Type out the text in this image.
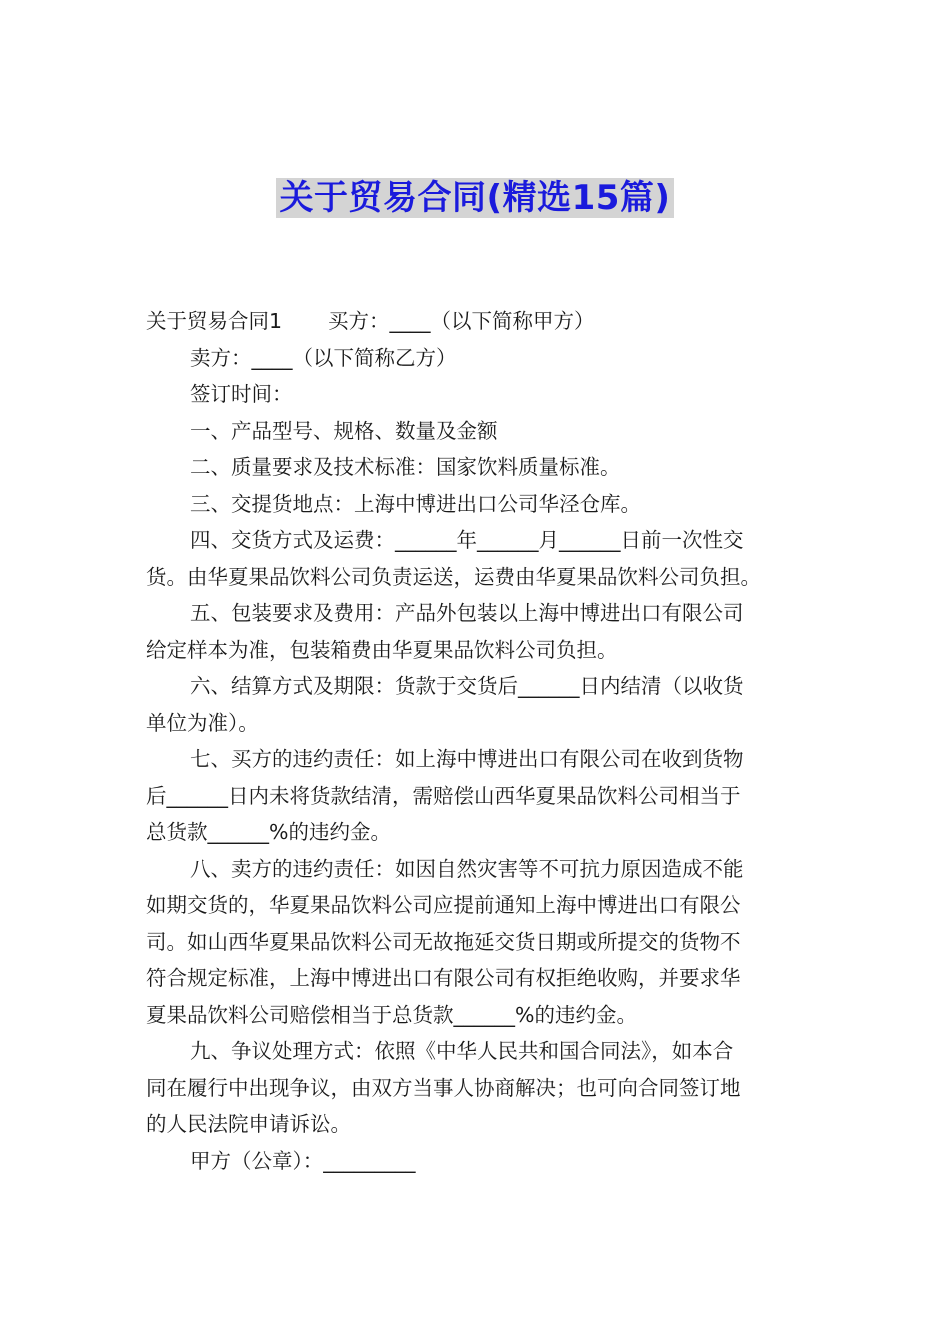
关于贸易合同(精选15篇)
关于贸易合同1 买方：____（以下简称甲方）
卖方：____（以下简称乙方）
签订时间：
一、产品型号、规格、数量及金额
二、质量要求及技术标准：国家饮料质量标准。
三、交提货地点：上海中博进出口公司华泾仓库。
四、交货方式及运费：______年______月______日前一次性交
货。由华夏果品饮料公司负责运送，运费由华夏果品饮料公司负担。
五、包装要求及费用：产品外包装以上海中博进出口有限公司
给定样本为准，包装箱费由华夏果品饮料公司负担。
六、结算方式及期限：货款于交货后______日内结清（以收货
单位为准）。
七、买方的违约责任：如上海中博进出口有限公司在收到货物
后______日内未将货款结清，需赔偿山西华夏果品饮料公司相当于
总货款______%的违约金。
八、卖方的违约责任：如因自然灾害等不可抗力原因造成不能
如期交货的，华夏果品饮料公司应提前通知上海中博进出口有限公
司。如山西华夏果品饮料公司无故拖延交货日期或所提交的货物不
符合规定标准，上海中博进出口有限公司有权拒绝收购，并要求华
夏果品饮料公司赔偿相当于总货款______%的违约金。
九、争议处理方式：依照《中华人民共和国合同法》，如本合
同在履行中出现争议，由双方当事人协商解决；也可向合同签订地
的人民法院申请诉讼。
甲方（公章）：_________
